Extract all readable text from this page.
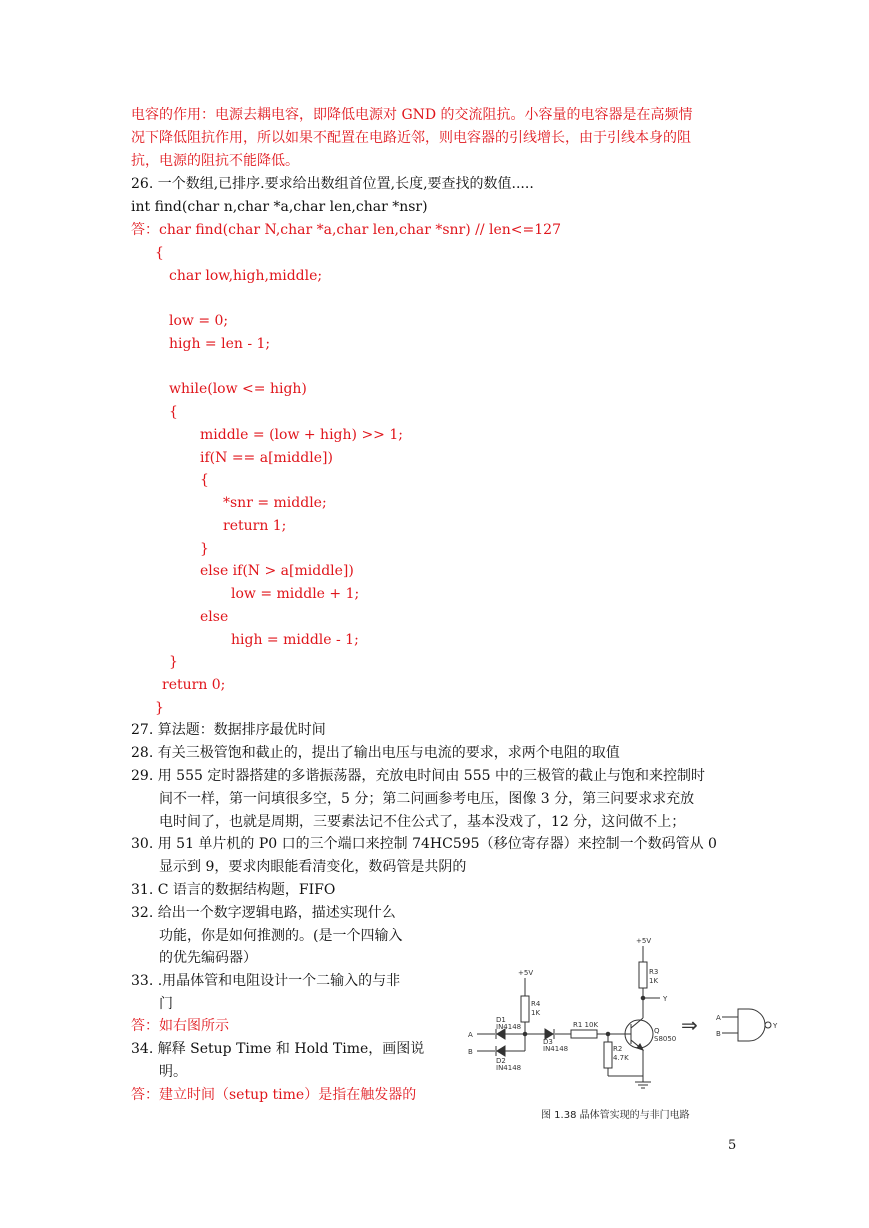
电容的作用：电源去耦电容，即降低电源对 GND 的交流阻抗。小容量的电容器是在高频情
况下降低阻抗作用，所以如果不配置在电路近邻，则电容器的引线增长，由于引线本身的阻
抗，电源的阻抗不能降低。
26. 一个数组,已排序.要求给出数组首位置,长度,要查找的数值.....
int find(char n,char *a,char len,char *nsr)
答：char find(char N,char *a,char len,char *snr) // len<=127
{
char low,high,middle;
low = 0;
high = len - 1;
while(low <= high)
{
middle = (low + high) >> 1;
if(N == a[middle])
{
*snr = middle;
return 1;
}
else if(N > a[middle])
low = middle + 1;
else
high = middle - 1;
}
return 0;
}
27. 算法题：数据排序最优时间
28. 有关三极管饱和截止的，提出了输出电压与电流的要求，求两个电阻的取值
29. 用 555 定时器搭建的多谐振荡器，充放电时间由 555 中的三极管的截止与饱和来控制时
间不一样，第一问填很多空，5 分；第二问画参考电压，图像 3 分，第三问要求求充放
电时间了，也就是周期，三要素法记不住公式了，基本没戏了，12 分，这问做不上；
30. 用 51 单片机的 P0 口的三个端口来控制 74HC595（移位寄存器）来控制一个数码管从 0
显示到 9，要求肉眼能看清变化，数码管是共阴的
31. C 语言的数据结构题，FIFO
32. 给出一个数字逻辑电路，描述实现什么
功能，你是如何推测的。(是一个四输入
的优先编码器）
33. .用晶体管和电阻设计一个二输入的与非
门
答：如右图所示
34. 解释 Setup Time 和 Hold Time，画图说
明。
答：建立时间（setup time）是指在触发器的
+5V
+5V
R4
1K
R3
1K
R1 10K
R2
4.7K
D1
IN4148
D2
IN4148
D3
IN4148
Q
S8050
A
B
Y
A
B
Y
⇒
图 1.38 晶体管实现的与非门电路
5
